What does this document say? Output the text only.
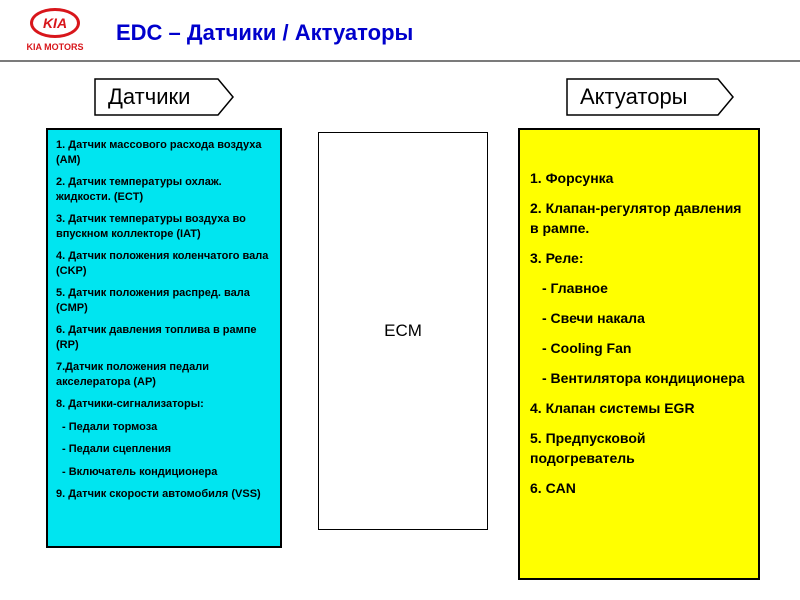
KIA
KIA MOTORS
EDC – Датчики / Актуаторы
Датчики	Актуаторы
1. Датчик массового расхода воздуха (AM)
2. Датчик температуры охлаж. жидкости. (ECT)
3. Датчик температуры воздуха во впускном коллекторе (IAT)
4. Датчик положения коленчатого вала (CKP)
5. Датчик положения распред. вала (CMP)
6. Датчик давления топлива в рампе (RP)
7.Датчик положения педали акселератора (AP)
8. Датчики-сигнализаторы:
- Педали тормоза
- Педали сцепления
- Включатель кондиционера
9. Датчик скорости автомобиля (VSS)
ECM
1. Форсунка
2. Клапан-регулятор давления в рампе.
3. Реле:
- Главное
- Свечи накала
- Cooling Fan
- Вентилятора кондиционера
4. Клапан системы EGR
5. Предпусковой подогреватель
6. CAN
